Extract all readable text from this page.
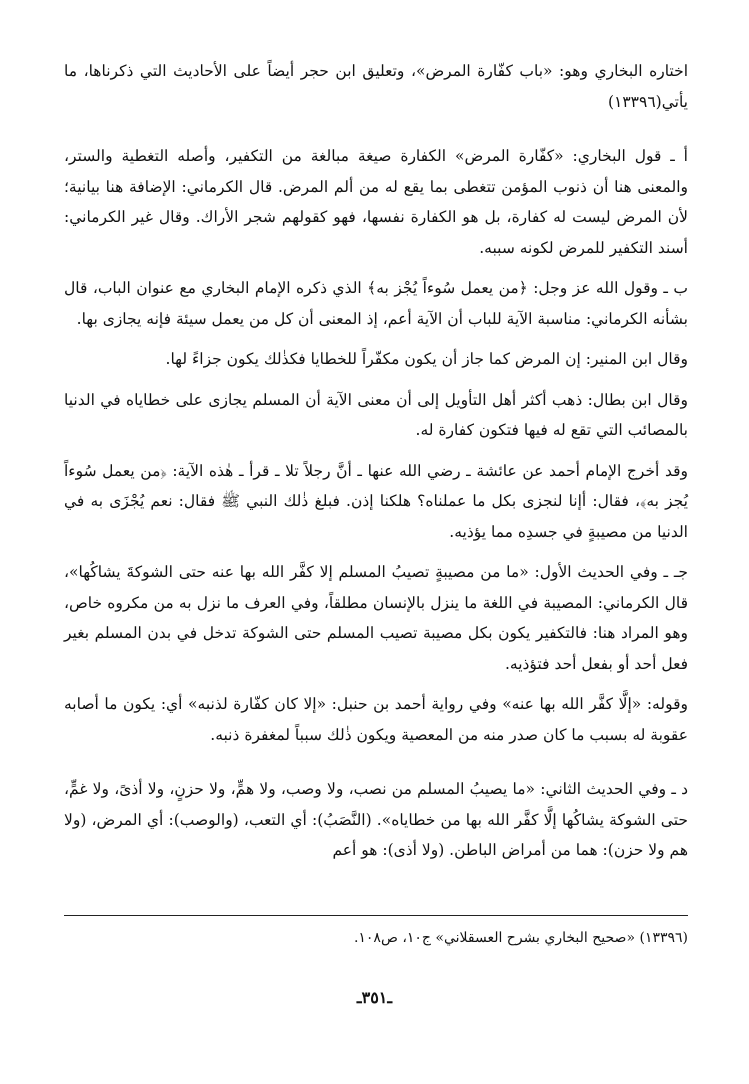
اختاره البخاري وهو: «باب كفّارة المرض»، وتعليق ابن حجر أيضاً على الأحاديث التي ذكرناها، ما يأتي(١٣٣٩٦)

أ ـ قول البخاري: «كفّارة المرض» الكفارة صيغة مبالغة من التكفير، وأصله التغطية والستر، والمعنى هنا أن ذنوب المؤمن تتغطى بما يقع له من ألم المرض. قال الكرماني: الإضافة هنا بيانية؛ لأن المرض ليست له كفارة، بل هو الكفارة نفسها، فهو كقولهم شجر الأراك. وقال غير الكرماني: أسند التكفير للمرض لكونه سببه.

ب ـ وقول الله عز وجل: ﴿من يعمل سُوءاً يُجْز به﴾ الذي ذكره الإمام البخاري مع عنوان الباب، قال بشأنه الكرماني: مناسبة الآية للباب أن الآية أعم، إذ المعنى أن كل من يعمل سيئة فإنه يجازى بها.

وقال ابن المنير: إن المرض كما جاز أن يكون مكفّراً للخطايا فكذٰلك يكون جزاءً لها.

وقال ابن بطال: ذهب أكثر أهل التأويل إلى أن معنى الآية أن المسلم يجازى على خطاياه في الدنيا بالمصائب التي تقع له فيها فتكون كفارة له.

وقد أخرج الإمام أحمد عن عائشة ـ رضي الله عنها ـ أنَّ رجلاً تلا ـ قرأ ـ هٰذه الآية: ﴿من يعمل سُوءاً يُجز به﴾، فقال: أإنا لنجزى بكل ما عملناه؟ هلكنا إذن. فبلغ ذٰلك النبي ﷺ فقال: نعم يُجْزَى به في الدنيا من مصيبةٍ في جسدِه مما يؤذيه.

جـ ـ وفي الحديث الأول: «ما من مصيبةٍ تصيبُ المسلم إلا كفَّر الله بها عنه حتى الشوكةَ يشاكُها»، قال الكرماني: المصيبة في اللغة ما ينزل بالإنسان مطلقاً، وفي العرف ما نزل به من مكروه خاص، وهو المراد هنا: فالتكفير يكون بكل مصيبة تصيب المسلم حتى الشوكة تدخل في بدن المسلم بغير فعل أحد أو بفعل أحد فتؤذيه.

وقوله: «إلَّا كفَّر الله بها عنه» وفي رواية أحمد بن حنبل: «إلا كان كفّارة لذنبه» أي: يكون ما أصابه عقوبة له بسبب ما كان صدر منه من المعصية ويكون ذٰلك سبباً لمغفرة ذنبه.

د ـ وفي الحديث الثاني: «ما يصيبُ المسلم من نصب، ولا وصب، ولا همٍّ، ولا حزنٍ، ولا أذىً، ولا غمٍّ، حتى الشوكة يشاكُها إلَّا كفَّر الله بها من خطاياه». (النَّصَبُ): أي التعب، (والوصب): أي المرض، (ولا هم ولا حزن): هما من أمراض الباطن. (ولا أذى): هو أعم

(١٣٣٩٦) «صحيح البخاري بشرح العسقلاني» ج١٠، ص١٠٨.

ـ٣٥١ـ
